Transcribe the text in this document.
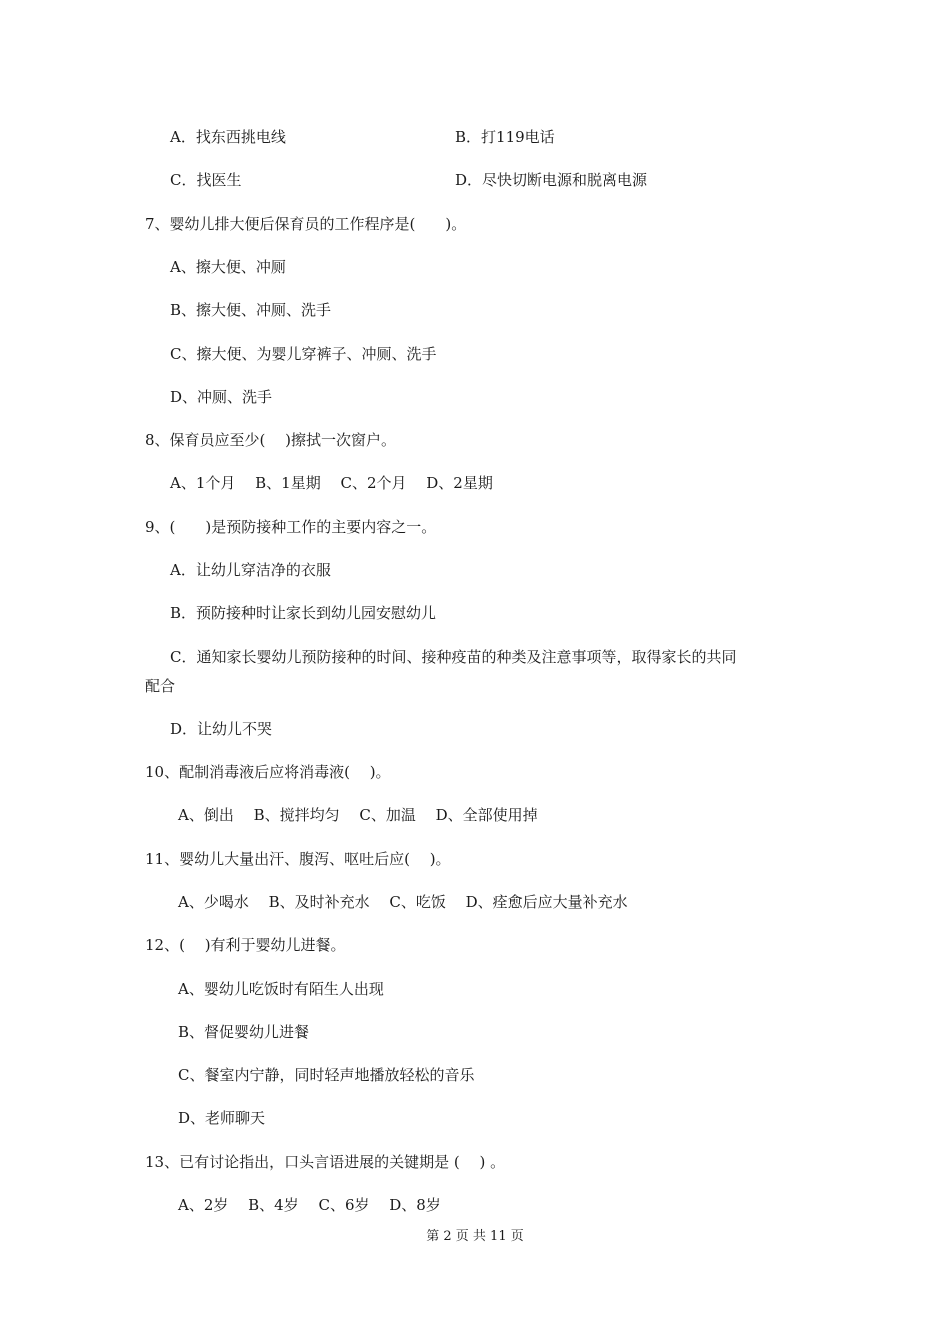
A．找东西挑电线	B．打119电话
C．找医生	D．尽快切断电源和脱离电源
7、婴幼儿排大便后保育员的工作程序是(　　)。
A、擦大便、冲厕
B、擦大便、冲厕、洗手
C、擦大便、为婴儿穿裤子、冲厕、洗手
D、冲厕、洗手
8、保育员应至少(　 )擦拭一次窗户。
A、1个月　 B、1星期　 C、2个月　 D、2星期
9、(　　)是预防接种工作的主要内容之一。
A．让幼儿穿洁净的衣服
B．预防接种时让家长到幼儿园安慰幼儿
C．通知家长婴幼儿预防接种的时间、接种疫苗的种类及注意事项等，取得家长的共同
配合
D．让幼儿不哭
10、配制消毒液后应将消毒液(　 )。
A、倒出　 B、搅拌均匀　 C、加温　 D、全部使用掉
11、婴幼儿大量出汗、腹泻、呕吐后应(　 )。
A、少喝水　 B、及时补充水　 C、吃饭　 D、痊愈后应大量补充水
12、(　 )有利于婴幼儿进餐。
A、婴幼儿吃饭时有陌生人出现
B、督促婴幼儿进餐
C、餐室内宁静，同时轻声地播放轻松的音乐
D、老师聊天
13、已有讨论指出，口头言语进展的关键期是 (　 ) 。
A、2岁　 B、4岁　 C、6岁　 D、8岁
第 2 页 共 11 页
